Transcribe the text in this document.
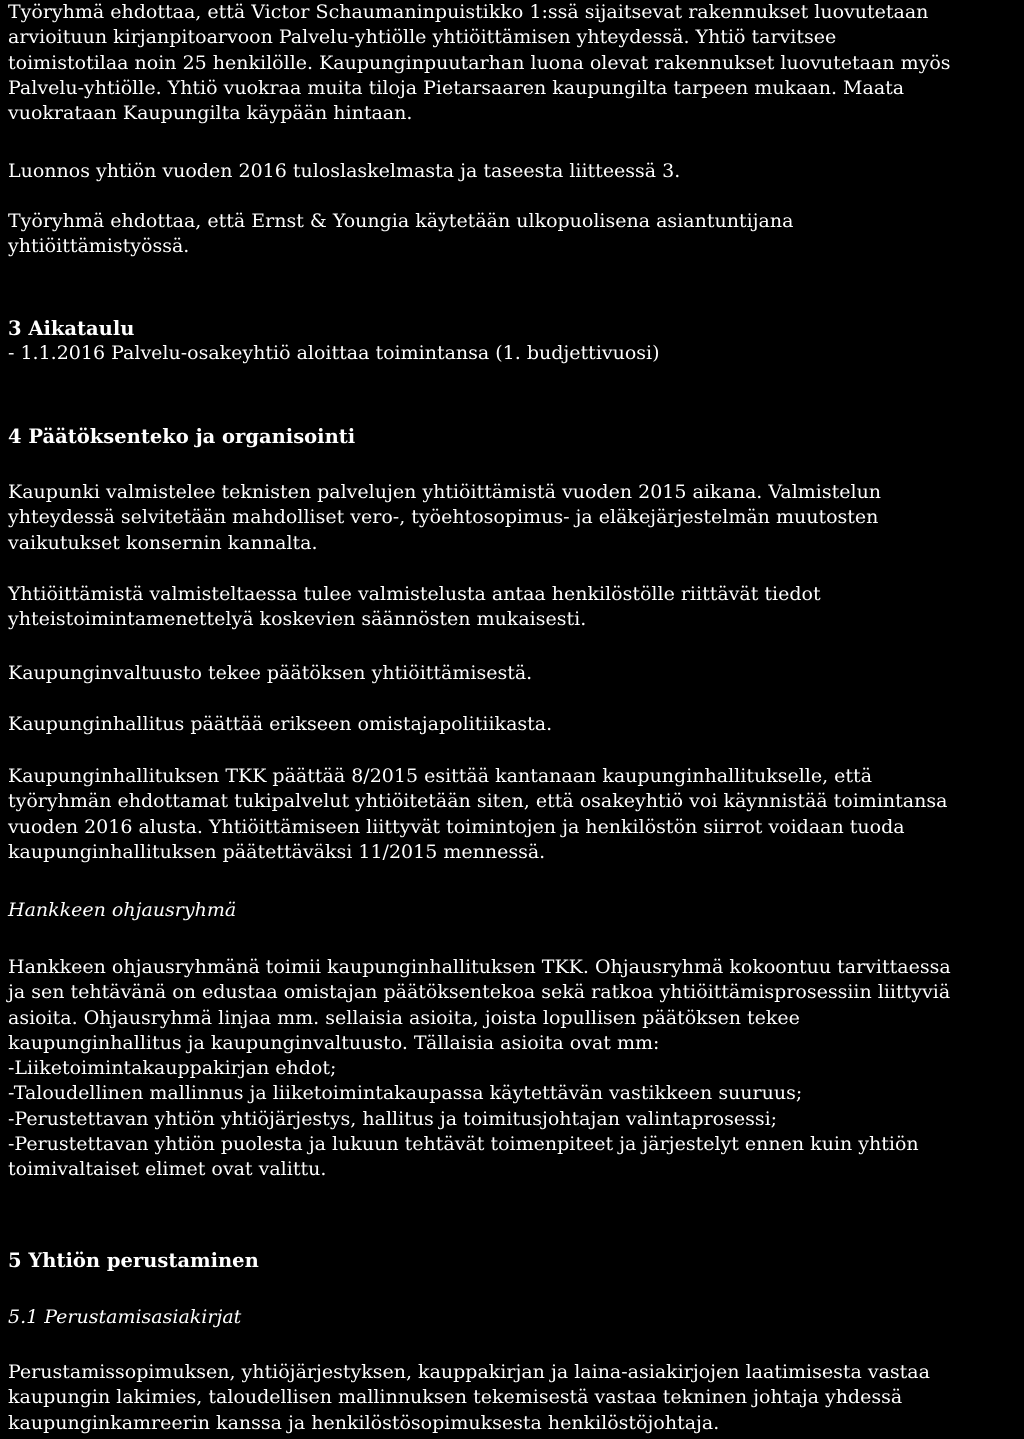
Työryhmä ehdottaa, että Victor Schaumaninpuistikko 1:ssä sijaitsevat rakennukset luovutetaan
arvioituun kirjanpitoarvoon Palvelu-yhtiölle yhtiöittämisen yhteydessä. Yhtiö tarvitsee
toimistotilaa noin 25 henkilölle. Kaupunginpuutarhan luona olevat rakennukset luovutetaan myös
Palvelu-yhtiölle. Yhtiö vuokraa muita tiloja Pietarsaaren kaupungilta tarpeen mukaan. Maata
vuokrataan Kaupungilta käypään hintaan.

Luonnos yhtiön vuoden 2016 tuloslaskelmasta ja taseesta liitteessä 3.

Työryhmä ehdottaa, että Ernst & Youngia käytetään ulkopuolisena asiantuntijana
yhtiöittämistyössä.

3 Aikataulu

- 1.1.2016 Palvelu-osakeyhtiö aloittaa toimintansa (1. budjettivuosi)

4 Päätöksenteko ja organisointi

Kaupunki valmistelee teknisten palvelujen yhtiöittämistä vuoden 2015 aikana. Valmistelun
yhteydessä selvitetään mahdolliset vero-, työehtosopimus- ja eläkejärjestelmän muutosten
vaikutukset konsernin kannalta.

Yhtiöittämistä valmisteltaessa tulee valmistelusta antaa henkilöstölle riittävät tiedot
yhteistoimintamenettelyä koskevien säännösten mukaisesti.

Kaupunginvaltuusto tekee päätöksen yhtiöittämisestä.

Kaupunginhallitus päättää erikseen omistajapolitiikasta.

Kaupunginhallituksen TKK päättää 8/2015 esittää kantanaan kaupunginhallitukselle, että
työryhmän ehdottamat tukipalvelut yhtiöitetään siten, että osakeyhtiö voi käynnistää toimintansa
vuoden 2016 alusta. Yhtiöittämiseen liittyvät toimintojen ja henkilöstön siirrot voidaan tuoda
kaupunginhallituksen päätettäväksi 11/2015 mennessä.

Hankkeen ohjausryhmä

Hankkeen ohjausryhmänä toimii kaupunginhallituksen TKK. Ohjausryhmä kokoontuu tarvittaessa
ja sen tehtävänä on edustaa omistajan päätöksentekoa sekä ratkoa yhtiöittämisprosessiin liittyviä
asioita. Ohjausryhmä linjaa mm. sellaisia asioita, joista lopullisen päätöksen tekee
kaupunginhallitus ja kaupunginvaltuusto. Tällaisia asioita ovat mm:
-Liiketoimintakauppakirjan ehdot;
-Taloudellinen mallinnus ja liiketoimintakaupassa käytettävän vastikkeen suuruus;
-Perustettavan yhtiön yhtiöjärjestys, hallitus ja toimitusjohtajan valintaprosessi;
-Perustettavan yhtiön puolesta ja lukuun tehtävät toimenpiteet ja järjestelyt ennen kuin yhtiön
toimivaltaiset elimet ovat valittu.

5 Yhtiön perustaminen

5.1 Perustamisasiakirjat

Perustamissopimuksen, yhtiöjärjestyksen, kauppakirjan ja laina-asiakirjojen laatimisesta vastaa
kaupungin lakimies, taloudellisen mallinnuksen tekemisestä vastaa tekninen johtaja yhdessä
kaupunginkamreerin kanssa ja henkilöstösopimuksesta henkilöstöjohtaja.
